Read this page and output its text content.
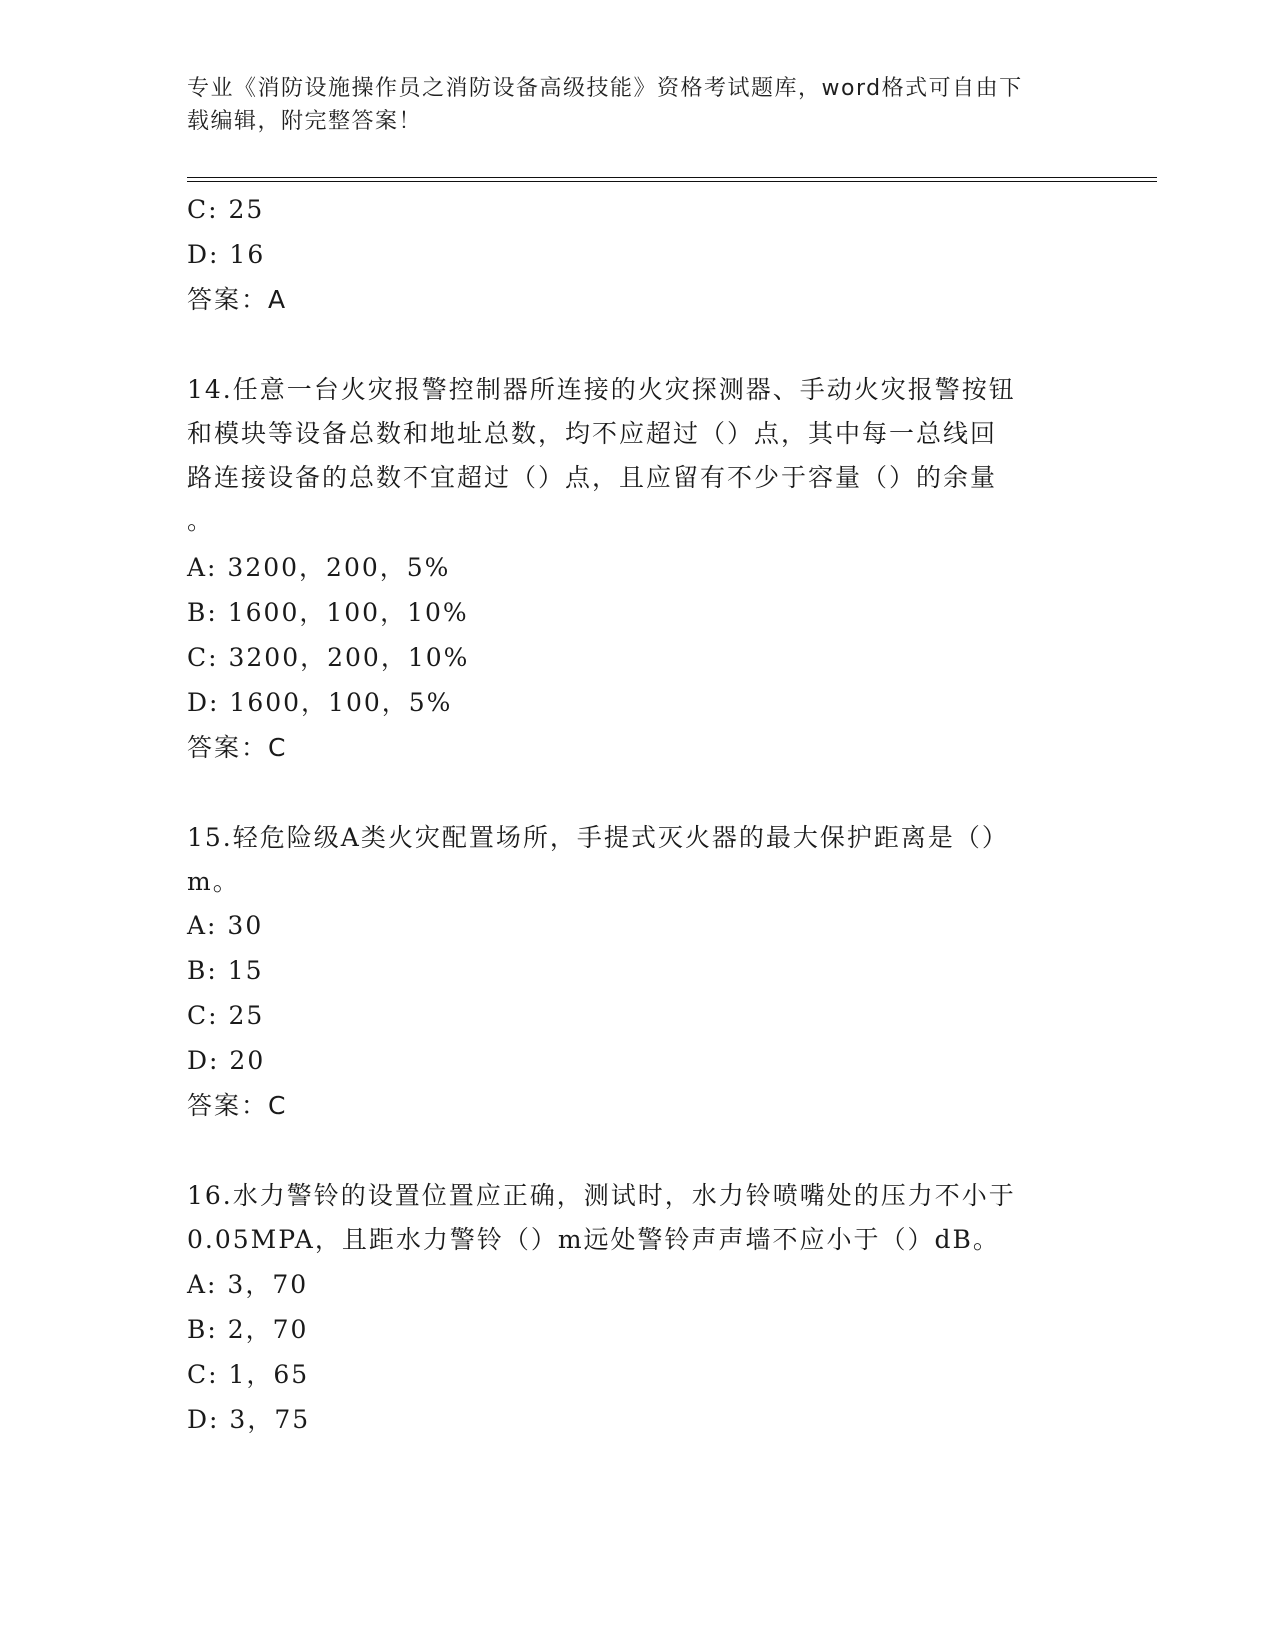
专业《消防设施操作员之消防设备高级技能》资格考试题库，word格式可自由下
载编辑，附完整答案！
C: 25
D: 16
答案：A
14.任意一台火灾报警控制器所连接的火灾探测器、手动火灾报警按钮
和模块等设备总数和地址总数，均不应超过（）点，其中每一总线回
路连接设备的总数不宜超过（）点，且应留有不少于容量（）的余量
。
A: 3200，200，5%
B: 1600，100，10%
C: 3200，200，10%
D: 1600，100，5%
答案：C
15.轻危险级A类火灾配置场所，手提式灭火器的最大保护距离是（）
m。
A: 30
B: 15
C: 25
D: 20
答案：C
16.水力警铃的设置位置应正确，测试时，水力铃喷嘴处的压力不小于
0.05MPA，且距水力警铃（）m远处警铃声声墙不应小于（）dB。
A: 3，70
B: 2，70
C: 1，65
D: 3，75
